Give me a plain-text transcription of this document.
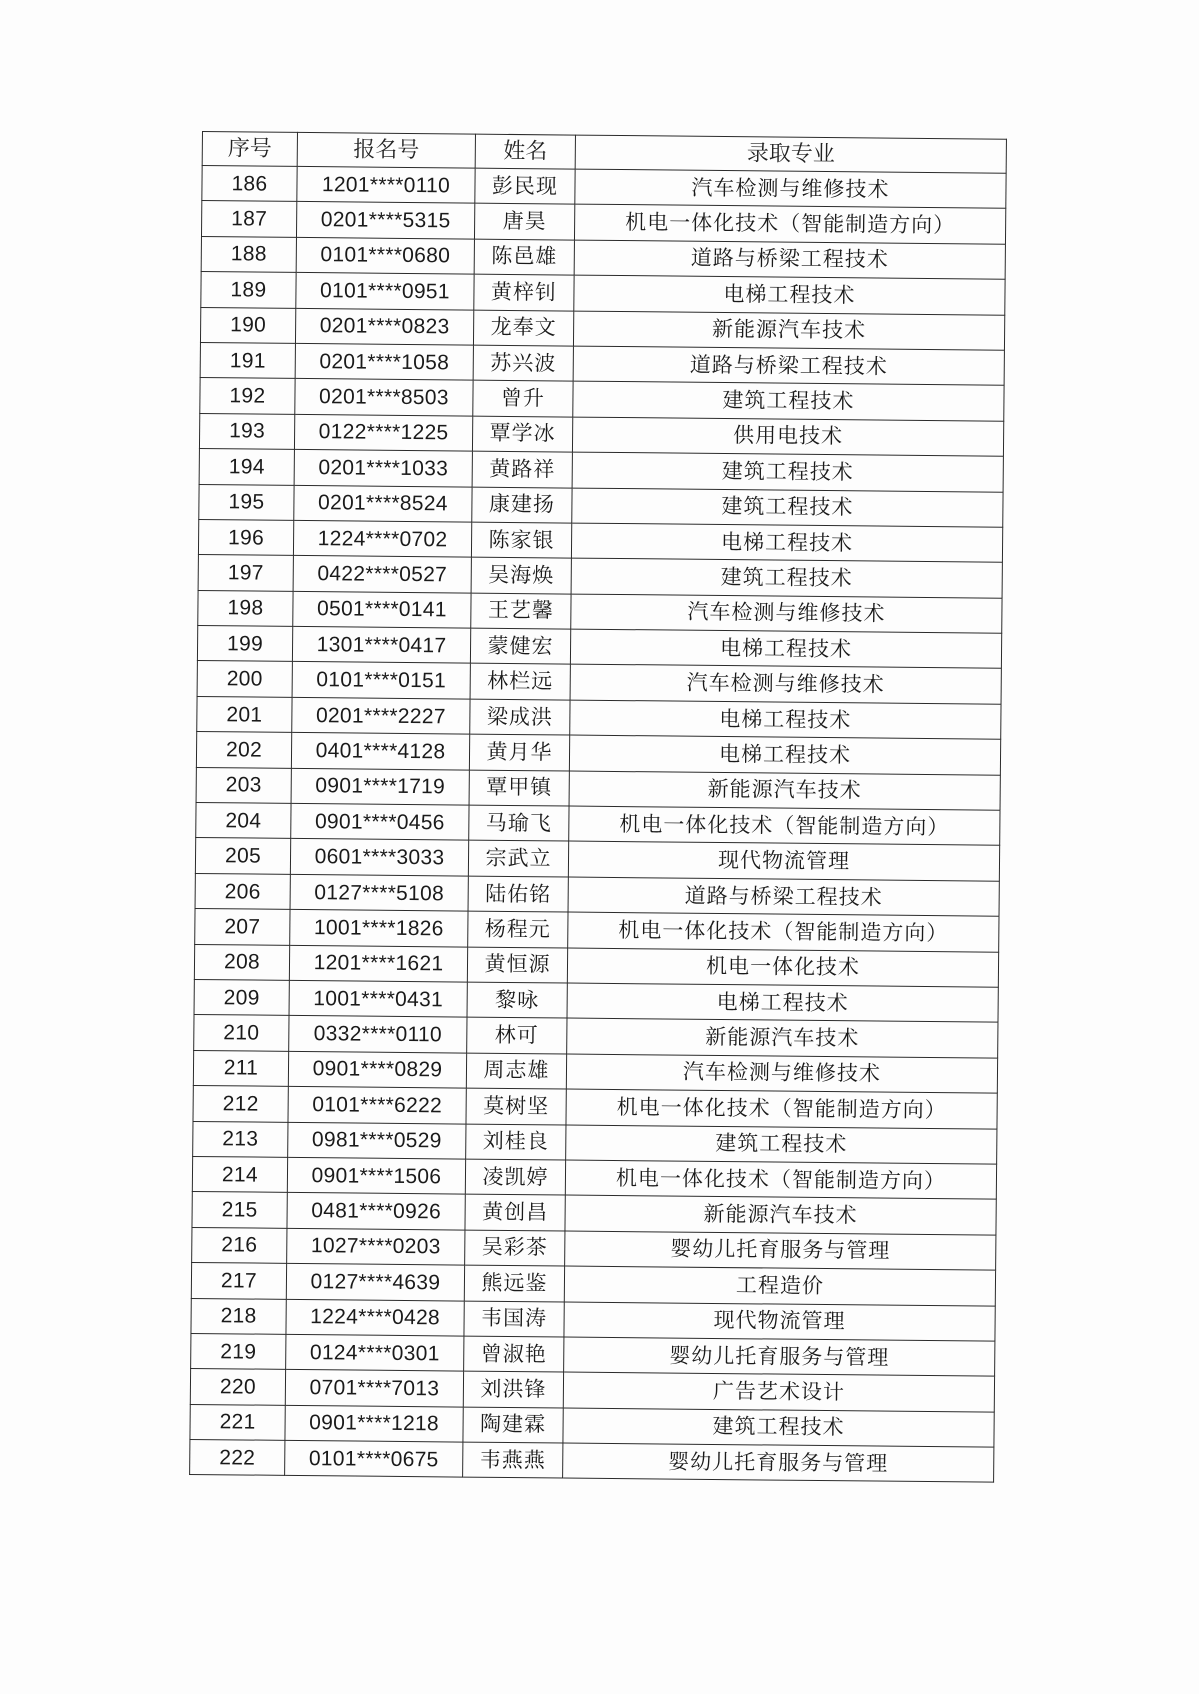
序号	报名号	姓名	录取专业
186	1201****0110	彭民现	汽车检测与维修技术
187	0201****5315	唐昊	机电一体化技术（智能制造方向）
188	0101****0680	陈邑雄	道路与桥梁工程技术
189	0101****0951	黄梓钊	电梯工程技术
190	0201****0823	龙奉文	新能源汽车技术
191	0201****1058	苏兴波	道路与桥梁工程技术
192	0201****8503	曾升	建筑工程技术
193	0122****1225	覃学冰	供用电技术
194	0201****1033	黄路祥	建筑工程技术
195	0201****8524	康建扬	建筑工程技术
196	1224****0702	陈家银	电梯工程技术
197	0422****0527	吴海焕	建筑工程技术
198	0501****0141	王艺馨	汽车检测与维修技术
199	1301****0417	蒙健宏	电梯工程技术
200	0101****0151	林栏远	汽车检测与维修技术
201	0201****2227	梁成洪	电梯工程技术
202	0401****4128	黄月华	电梯工程技术
203	0901****1719	覃甲镇	新能源汽车技术
204	0901****0456	马瑜飞	机电一体化技术（智能制造方向）
205	0601****3033	宗武立	现代物流管理
206	0127****5108	陆佑铭	道路与桥梁工程技术
207	1001****1826	杨程元	机电一体化技术（智能制造方向）
208	1201****1621	黄恒源	机电一体化技术
209	1001****0431	黎咏	电梯工程技术
210	0332****0110	林可	新能源汽车技术
211	0901****0829	周志雄	汽车检测与维修技术
212	0101****6222	莫树坚	机电一体化技术（智能制造方向）
213	0981****0529	刘桂良	建筑工程技术
214	0901****1506	凌凯婷	机电一体化技术（智能制造方向）
215	0481****0926	黄创昌	新能源汽车技术
216	1027****0203	吴彩茶	婴幼儿托育服务与管理
217	0127****4639	熊远鉴	工程造价
218	1224****0428	韦国涛	现代物流管理
219	0124****0301	曾淑艳	婴幼儿托育服务与管理
220	0701****7013	刘洪锋	广告艺术设计
221	0901****1218	陶建霖	建筑工程技术
222	0101****0675	韦燕燕	婴幼儿托育服务与管理
